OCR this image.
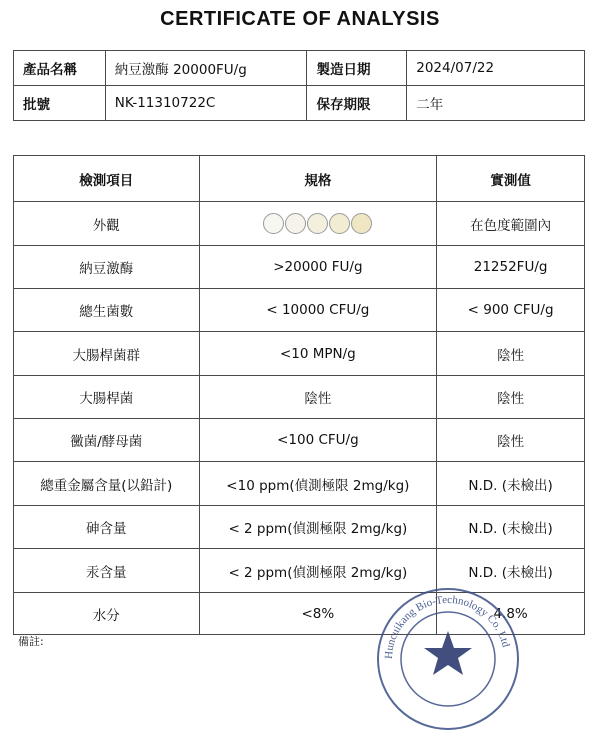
CERTIFICATE OF ANALYSIS
產品名稱	納豆激酶 20000FU/g	製造日期	2024/07/22
批號	NK-11310722C	保存期限	二年
檢測項目	規格	實測值
外觀		在色度範圍內
納豆激酶	>20000 FU/g	21252FU/g
總生菌數	< 10000 CFU/g	< 900 CFU/g
大腸桿菌群	<10 MPN/g	陰性
大腸桿菌	陰性	陰性
黴菌/酵母菌	<100 CFU/g	陰性
總重金屬含量(以鉛計)	<10 ppm(偵測極限 2mg/kg)	N.D. (未檢出)
砷含量	< 2 ppm(偵測極限 2mg/kg)	N.D. (未檢出)
汞含量	< 2 ppm(偵測極限 2mg/kg)	N.D. (未檢出)
水分	<8%	4.8%
備註:
Huncuikang Bio-Technology Co. Ltd
